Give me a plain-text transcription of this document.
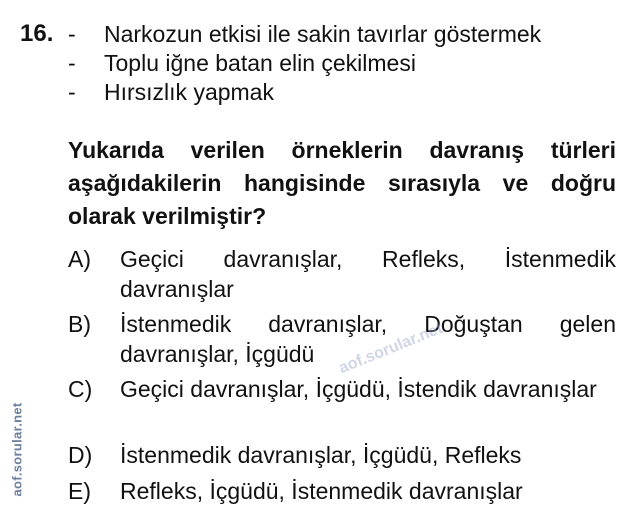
16. - Narkozun etkisi ile sakin tavırlar göstermek
- Toplu iğne batan elin çekilmesi
- Hırsızlık yapmak
Yukarıda verilen örneklerin davranış türleri aşağıdakilerin hangisinde sırasıyla ve doğru olarak verilmiştir?
A)	Geçici davranışlar, Refleks, İstenmedik davranışlar
B)	İstenmedik davranışlar, Doğuştan gelen davranışlar, İçgüdü
C)	Geçici davranışlar, İçgüdü, İstendik davranışlar
D)	İstenmedik davranışlar, İçgüdü, Refleks
E)	Refleks, İçgüdü, İstenmedik davranışlar
aof.sorular.net
aof.sorular.net
